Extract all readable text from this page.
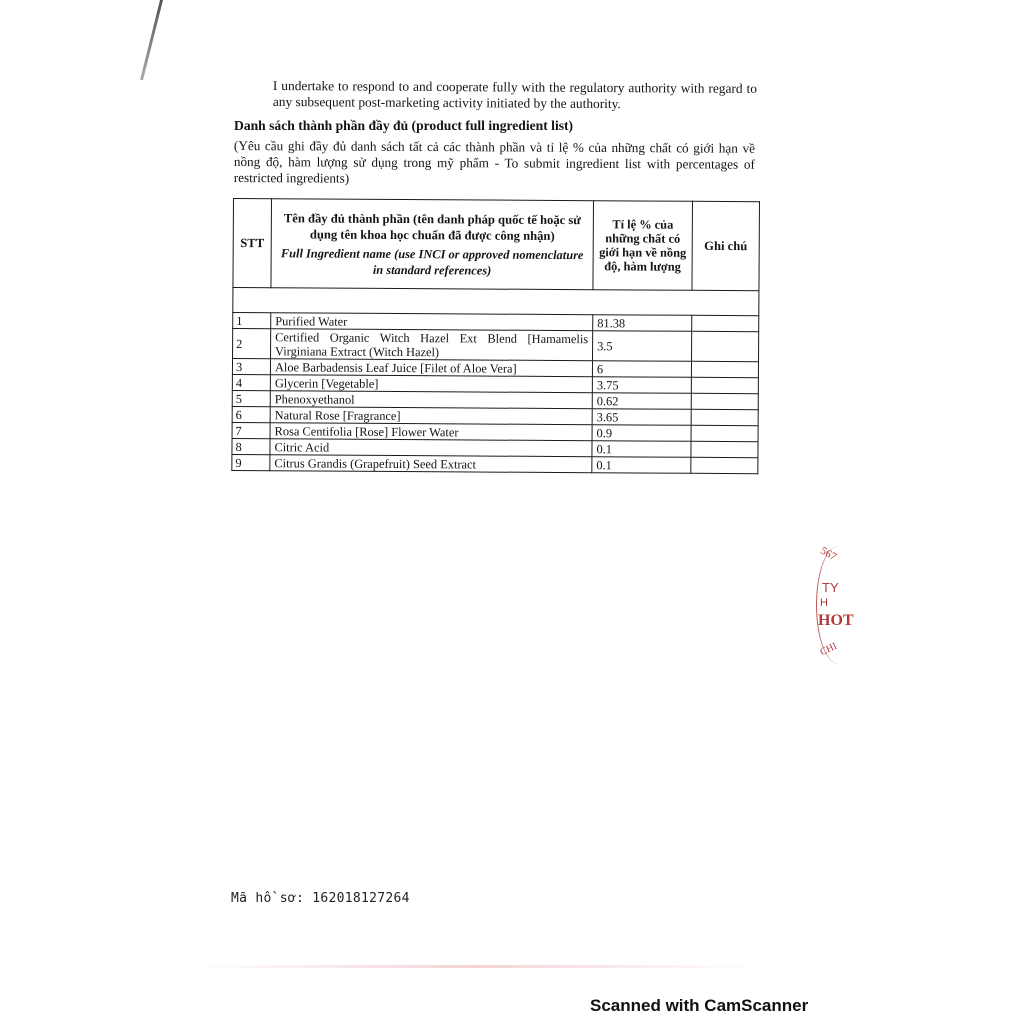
I undertake to respond to and cooperate fully with the regulatory authority with regard to any subsequent post-marketing activity initiated by the authority.
Danh sách thành phần đầy đủ (product full ingredient list)
(Yêu cầu ghi đầy đủ danh sách tất cả các thành phần và tỉ lệ % của những chất có giới hạn về nồng độ, hàm lượng sử dụng trong mỹ phẩm - To submit ingredient list with percentages of restricted ingredients)
STT	Tên đầy đủ thành phần (tên danh pháp quốc tế hoặc sử dụng tên khoa học chuẩn đã được công nhận)
Full Ingredient name (use INCI or approved nomenclature in standard references)	Tỉ lệ % của những chất có giới hạn về nồng độ, hàm lượng	Ghi chú

1	Purified Water	81.38	
2	Certified Organic Witch Hazel Ext Blend [Hamamelis Virginiana Extract (Witch Hazel)	3.5	
3	Aloe Barbadensis Leaf Juice [Filet of Aloe Vera]	6	
4	Glycerin [Vegetable]	3.75	
5	Phenoxyethanol	0.62	
6	Natural Rose [Fragrance]	3.65	
7	Rosa Centifolia [Rose] Flower Water	0.9	
8	Citric Acid	0.1	
9	Citrus Grandis (Grapefruit) Seed Extract	0.1	
567
TY
H
HOT
CHI
Mã hồ sơ: 162018127264
Scanned with CamScanner
